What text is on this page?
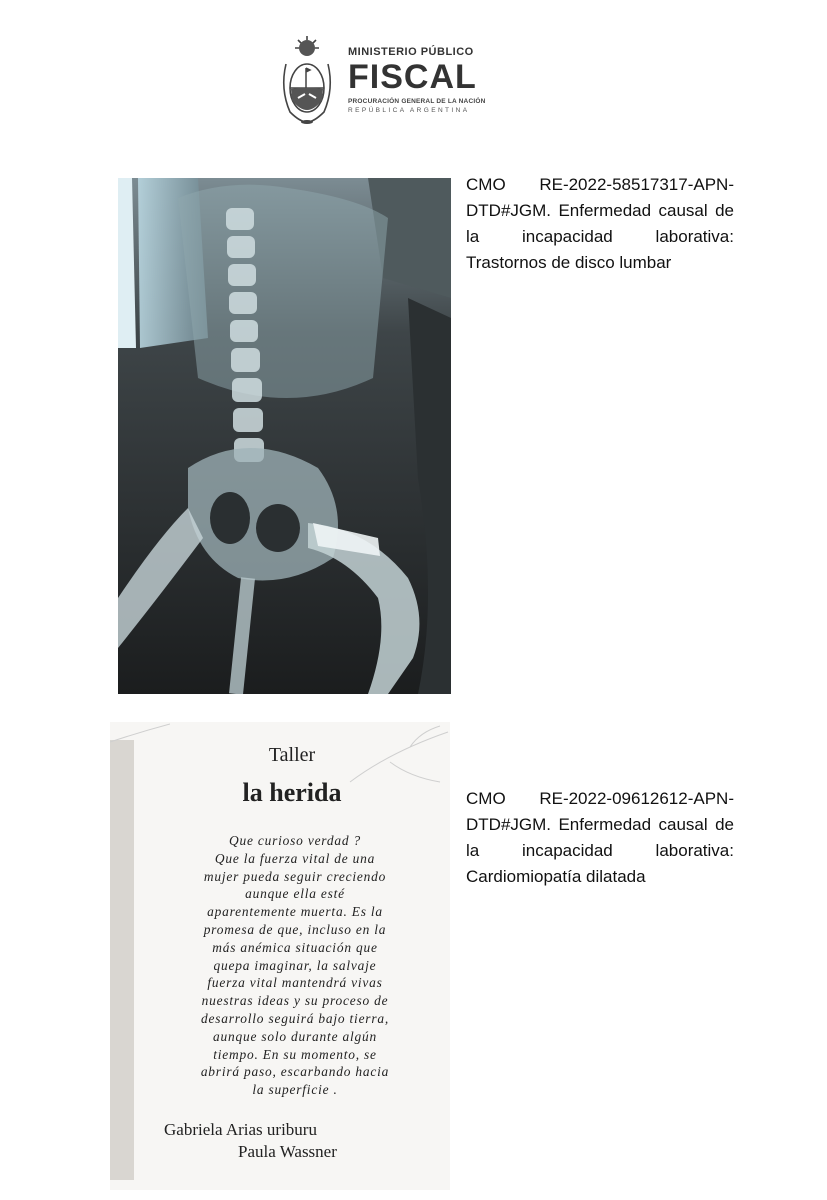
MINISTERIO PÚBLICO
FISCAL
PROCURACIÓN GENERAL DE LA NACIÓN
REPÚBLICA ARGENTINA
CMO RE-2022-58517317-APN-DTD#JGM. Enfermedad causal de la incapacidad laborativa: Trastornos de disco lumbar
Taller
la herida
Que curioso verdad ?
Que la fuerza vital de una
mujer pueda seguir creciendo
aunque ella esté
aparentemente muerta. Es la
promesa de que, incluso en la
más anémica situación que
quepa imaginar, la salvaje
fuerza vital mantendrá vivas
nuestras ideas y su proceso de
desarrollo seguirá bajo tierra,
aunque solo durante algún
tiempo. En su momento, se
abrirá paso, escarbando hacia
la superficie .
Gabriela Arias uriburu
Paula Wassner
CMO RE-2022-09612612-APN-DTD#JGM. Enfermedad causal de la incapacidad laborativa: Cardiomiopatía dilatada
